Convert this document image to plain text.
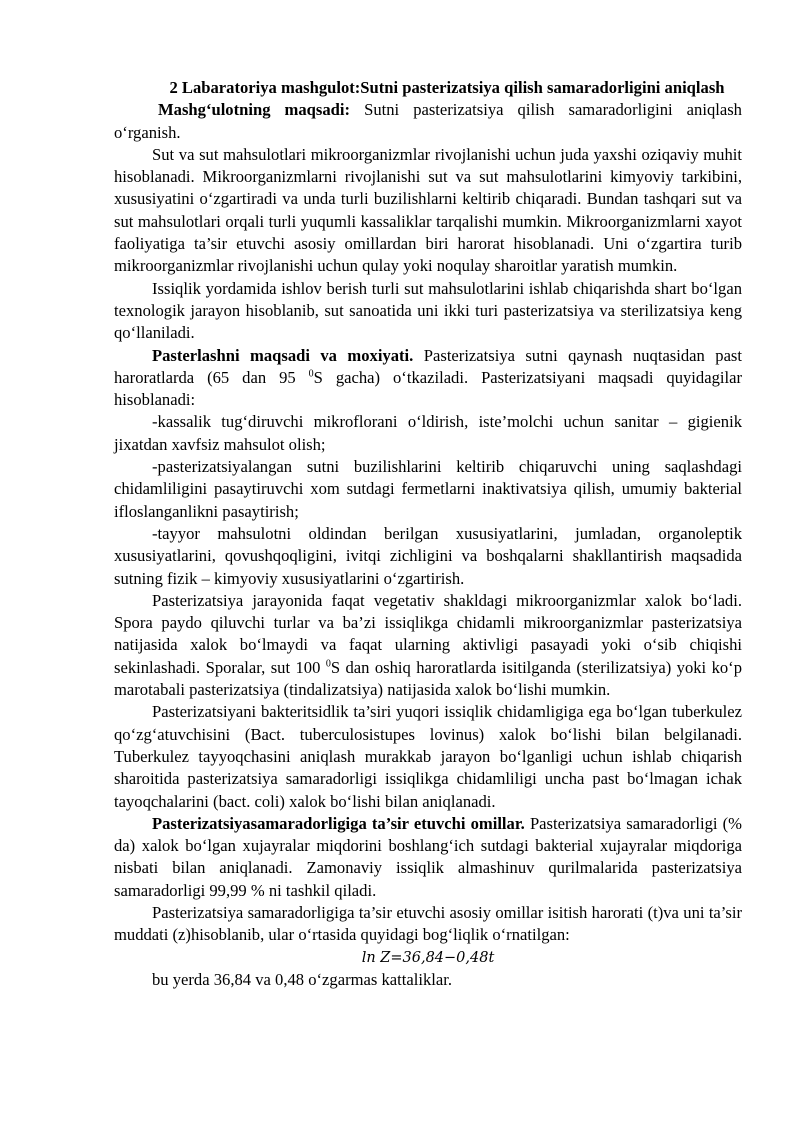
2 Labaratoriya mashgulot:Sutni pasterizatsiya qilish samaradorligini aniqlash

Mashg‘ulotning maqsadi: Sutni pasterizatsiya qilish samaradorligini aniqlash o‘rganish.

Sut va sut mahsulotlari mikroorganizmlar rivojlanishi uchun juda yaxshi oziqaviy muhit hisoblanadi. Mikroorganizmlarni rivojlanishi sut va sut mahsulotlarini kimyoviy tarkibini, xususiyatini o‘zgartiradi va unda turli buzilishlarni keltirib chiqaradi. Bundan tashqari sut va sut mahsulotlari orqali turli yuqumli kassaliklar tarqalishi mumkin. Mikroorganizmlarni xayot faoliyatiga ta’sir etuvchi asosiy omillardan biri harorat hisoblanadi. Uni o‘zgartira turib mikroorganizmlar rivojlanishi uchun qulay yoki noqulay sharoitlar yaratish mumkin.

Issiqlik yordamida ishlov berish turli sut mahsulotlarini ishlab chiqarishda shart bo‘lgan texnologik jarayon hisoblanib, sut sanoatida uni ikki turi pasterizatsiya va sterilizatsiya keng qo‘llaniladi.

Pasterlashni maqsadi va moxiyati. Pasterizatsiya sutni qaynash nuqtasidan past haroratlarda (65 dan 95 $^0$S gacha) o‘tkaziladi. Pasterizatsiyani maqsadi quyidagilar hisoblanadi:

-kassalik tug‘diruvchi mikroflorani o‘ldirish, iste’molchi uchun sanitar – gigienik jixatdan xavfsiz mahsulot olish;

-pasterizatsiyalangan sutni buzilishlarini keltirib chiqaruvchi uning saqlashdagi chidamliligini pasaytiruvchi xom sutdagi fermetlarni inaktivatsiya qilish, umumiy bakterial ifloslanganlikni pasaytirish;

-tayyor mahsulotni oldindan berilgan xususiyatlarini, jumladan, organoleptik xususiyatlarini, qovushqoqligini, ivitqi zichligini va boshqalarni shakllantirish maqsadida sutning fizik – kimyoviy xususiyatlarini o‘zgartirish.

Pasterizatsiya jarayonida faqat vegetativ shakldagi mikroorganizmlar xalok bo‘ladi. Spora paydo qiluvchi turlar va ba’zi issiqlikga chidamli mikroorganizmlar pasterizatsiya natijasida xalok bo‘lmaydi va faqat ularning aktivligi pasayadi yoki o‘sib chiqishi sekinlashadi. Sporalar, sut 100 $^0$S dan oshiq haroratlarda isitilganda (sterilizatsiya) yoki ko‘p marotabali pasterizatsiya (tindalizatsiya) natijasida xalok bo‘lishi mumkin.

Pasterizatsiyani bakteritsidlik ta’siri yuqori issiqlik chidamligiga ega bo‘lgan tuberkulez qo‘zg‘atuvchisini (Bact. tuberculosistupes lovinus) xalok bo‘lishi bilan belgilanadi. Tuberkulez tayyoqchasini aniqlash murakkab jarayon bo‘lganligi uchun ishlab chiqarish sharoitida pasterizatsiya samaradorligi issiqlikga chidamliligi uncha past bo‘lmagan ichak tayoqchalarini (bact. coli) xalok bo‘lishi bilan aniqlanadi.

Pasterizatsiyasamaradorligiga ta’sir etuvchi omillar. Pasterizatsiya samaradorligi (% da) xalok bo‘lgan xujayralar miqdorini boshlang‘ich sutdagi bakterial xujayralar miqdoriga nisbati bilan aniqlanadi. Zamonaviy issiqlik almashinuv qurilmalarida pasterizatsiya samaradorligi 99,99 % ni tashkil qiladi.

Pasterizatsiya samaradorligiga ta’sir etuvchi asosiy omillar isitish harorati (t)va uni ta’sir muddati (z)hisoblanib, ular o‘rtasida quyidagi bog‘liqlik o‘rnatilgan:

ln Z=36,84−0,48t

bu yerda 36,84 va 0,48 o‘zgarmas kattaliklar.
